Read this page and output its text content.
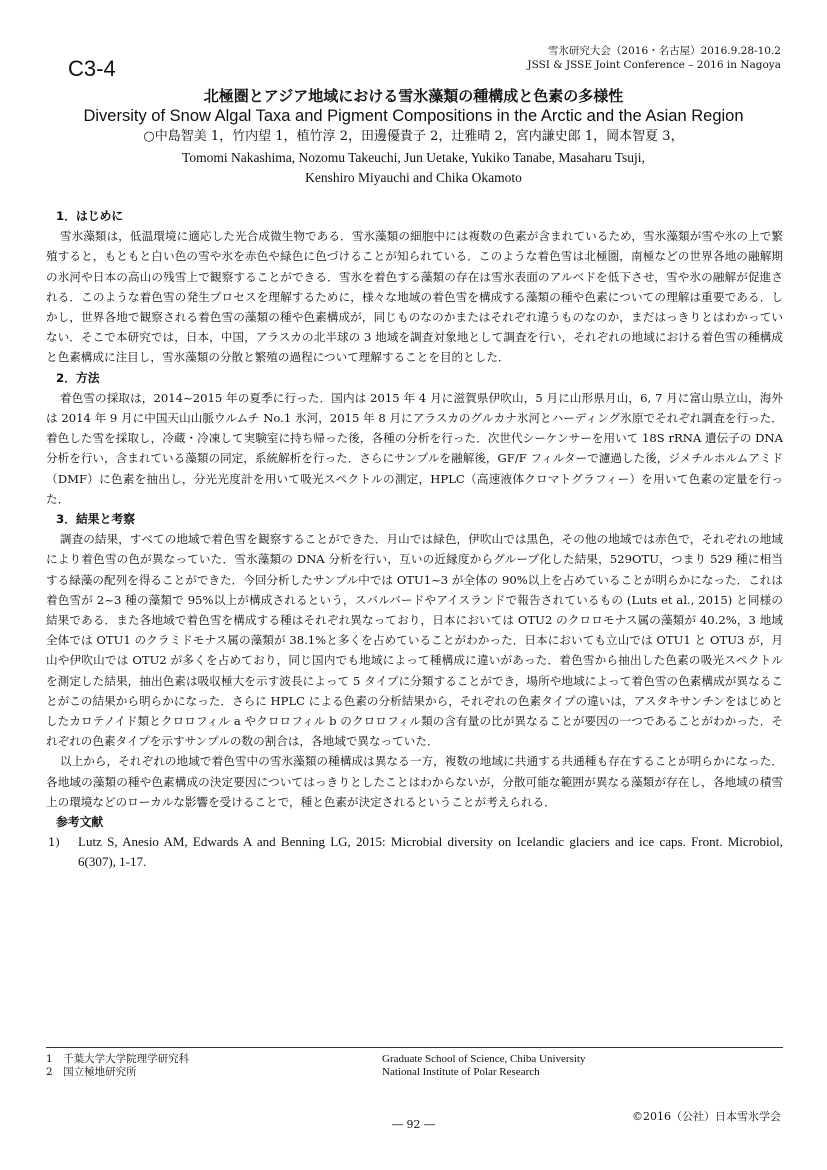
C3-4
雪氷研究大会（2016・名古屋）2016.9.28-10.2
JSSI & JSSE Joint Conference – 2016 in Nagoya
北極圏とアジア地域における雪氷藻類の種構成と色素の多様性
Diversity of Snow Algal Taxa and Pigment Compositions in the Arctic and the Asian Region
○中島智美 1，竹内望 1，植竹淳 2，田邊優貴子 2，辻雅晴 2，宮内謙史郎 1，岡本智夏 3，
Tomomi Nakashima, Nozomu Takeuchi, Jun Uetake, Yukiko Tanabe, Masaharu Tsuji,
Kenshiro Miyauchi and Chika Okamoto
1．はじめに

雪氷藻類は，低温環境に適応した光合成微生物である．雪氷藻類の細胞中には複数の色素が含まれているため，雪氷藻類が雪や氷の上で繁殖すると，もともと白い色の雪や氷を赤色や緑色に色づけることが知られている．このような着色雪は北極圏，南極などの世界各地の融解期の氷河や日本の高山の残雪上で観察することができる．雪氷を着色する藻類の存在は雪氷表面のアルベドを低下させ，雪や氷の融解が促進される．このような着色雪の発生プロセスを理解するために，様々な地域の着色雪を構成する藻類の種や色素についての理解は重要である．しかし，世界各地で観察される着色雪の藻類の種や色素構成が，同じものなのかまたはそれぞれ違うものなのか，まだはっきりとはわかっていない．そこで本研究では，日本，中国，アラスカの北半球の 3 地域を調査対象地として調査を行い，それぞれの地域における着色雪の種構成と色素構成に注目し，雪氷藻類の分散と繁殖の過程について理解することを目的とした．

2．方法

着色雪の採取は，2014~2015 年の夏季に行った．国内は 2015 年 4 月に滋賀県伊吹山，5 月に山形県月山，6, 7 月に富山県立山，海外は 2014 年 9 月に中国天山山脈ウルムチ No.1 氷河，2015 年 8 月にアラスカのグルカナ氷河とハーディング氷原でそれぞれ調査を行った．着色した雪を採取し，冷蔵・冷凍して実験室に持ち帰った後，各種の分析を行った．次世代シーケンサーを用いて 18S rRNA 遺伝子の DNA 分析を行い，含まれている藻類の同定，系統解析を行った．さらにサンプルを融解後，GF/F フィルターで濾過した後，ジメチルホルムアミド（DMF）に色素を抽出し，分光光度計を用いて吸光スペクトルの測定，HPLC（高速液体クロマトグラフィー）を用いて色素の定量を行った．

3．結果と考察

調査の結果，すべての地域で着色雪を観察することができた．月山では緑色，伊吹山では黒色，その他の地域では赤色で，それぞれの地域により着色雪の色が異なっていた．雪氷藻類の DNA 分析を行い，互いの近縁度からグループ化した結果，529OTU，つまり 529 種に相当する緑藻の配列を得ることができた．今回分析したサンプル中では OTU1~3 が全体の 90%以上を占めていることが明らかになった．これは着色雪が 2~3 種の藻類で 95%以上が構成されるという，スバルバードやアイスランドで報告されているもの (Luts et al., 2015) と同様の結果である．また各地域で着色雪を構成する種はそれぞれ異なっており，日本においては OTU2 のクロロモナス属の藻類が 40.2%，3 地域全体では OTU1 のクラミドモナス属の藻類が 38.1%と多くを占めていることがわかった．日本においても立山では OTU1 と OTU3 が，月山や伊吹山では OTU2 が多くを占めており，同じ国内でも地域によって種構成に違いがあった．着色雪から抽出した色素の吸光スペクトルを測定した結果，抽出色素は吸収極大を示す波長によって 5 タイプに分類することができ，場所や地域によって着色雪の色素構成が異なることがこの結果から明らかになった．さらに HPLC による色素の分析結果から，それぞれの色素タイプの違いは，アスタキサンチンをはじめとしたカロテノイド類とクロロフィル a やクロロフィル b のクロロフィル類の含有量の比が異なることが要因の一つであることがわかった．それぞれの色素タイプを示すサンプルの数の割合は，各地域で異なっていた．

以上から，それぞれの地域で着色雪中の雪氷藻類の種構成は異なる一方，複数の地域に共通する共通種も存在することが明らかになった．各地域の藻類の種や色素構成の決定要因についてはっきりとしたことはわからないが，分散可能な範囲が異なる藻類が存在し，各地域の積雪上の環境などのローカルな影響を受けることで，種と色素が決定されるということが考えられる．

参考文献
1)	Lutz S, Anesio AM, Edwards A and Benning LG, 2015: Microbial diversity on Icelandic glaciers and ice caps. Front. Microbiol, 6(307), 1-17.
1　千葉大学大学院理学研究科
2　国立極地研究所
Graduate School of Science, Chiba University
National Institute of Polar Research
©2016（公社）日本雪氷学会
― 92 ―
